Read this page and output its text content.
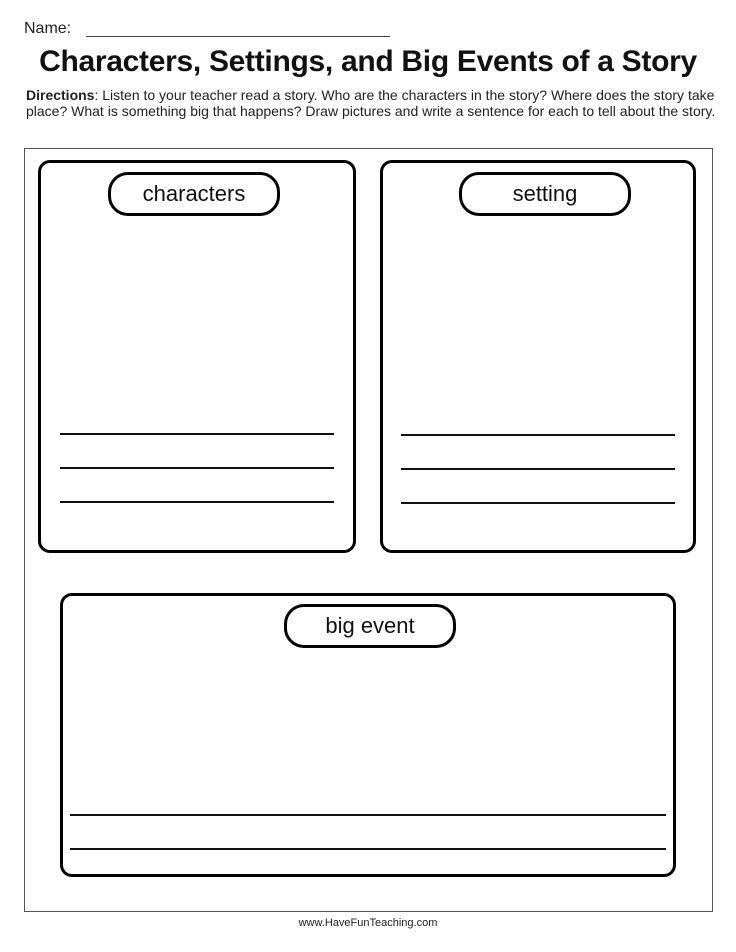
Name:
Characters, Settings, and Big Events of a Story
Directions: Listen to your teacher read a story. Who are the characters in the story? Where does the story take place? What is something big that happens? Draw pictures and write a sentence for each to tell about the story.
characters	setting
big event
www.HaveFunTeaching.com
